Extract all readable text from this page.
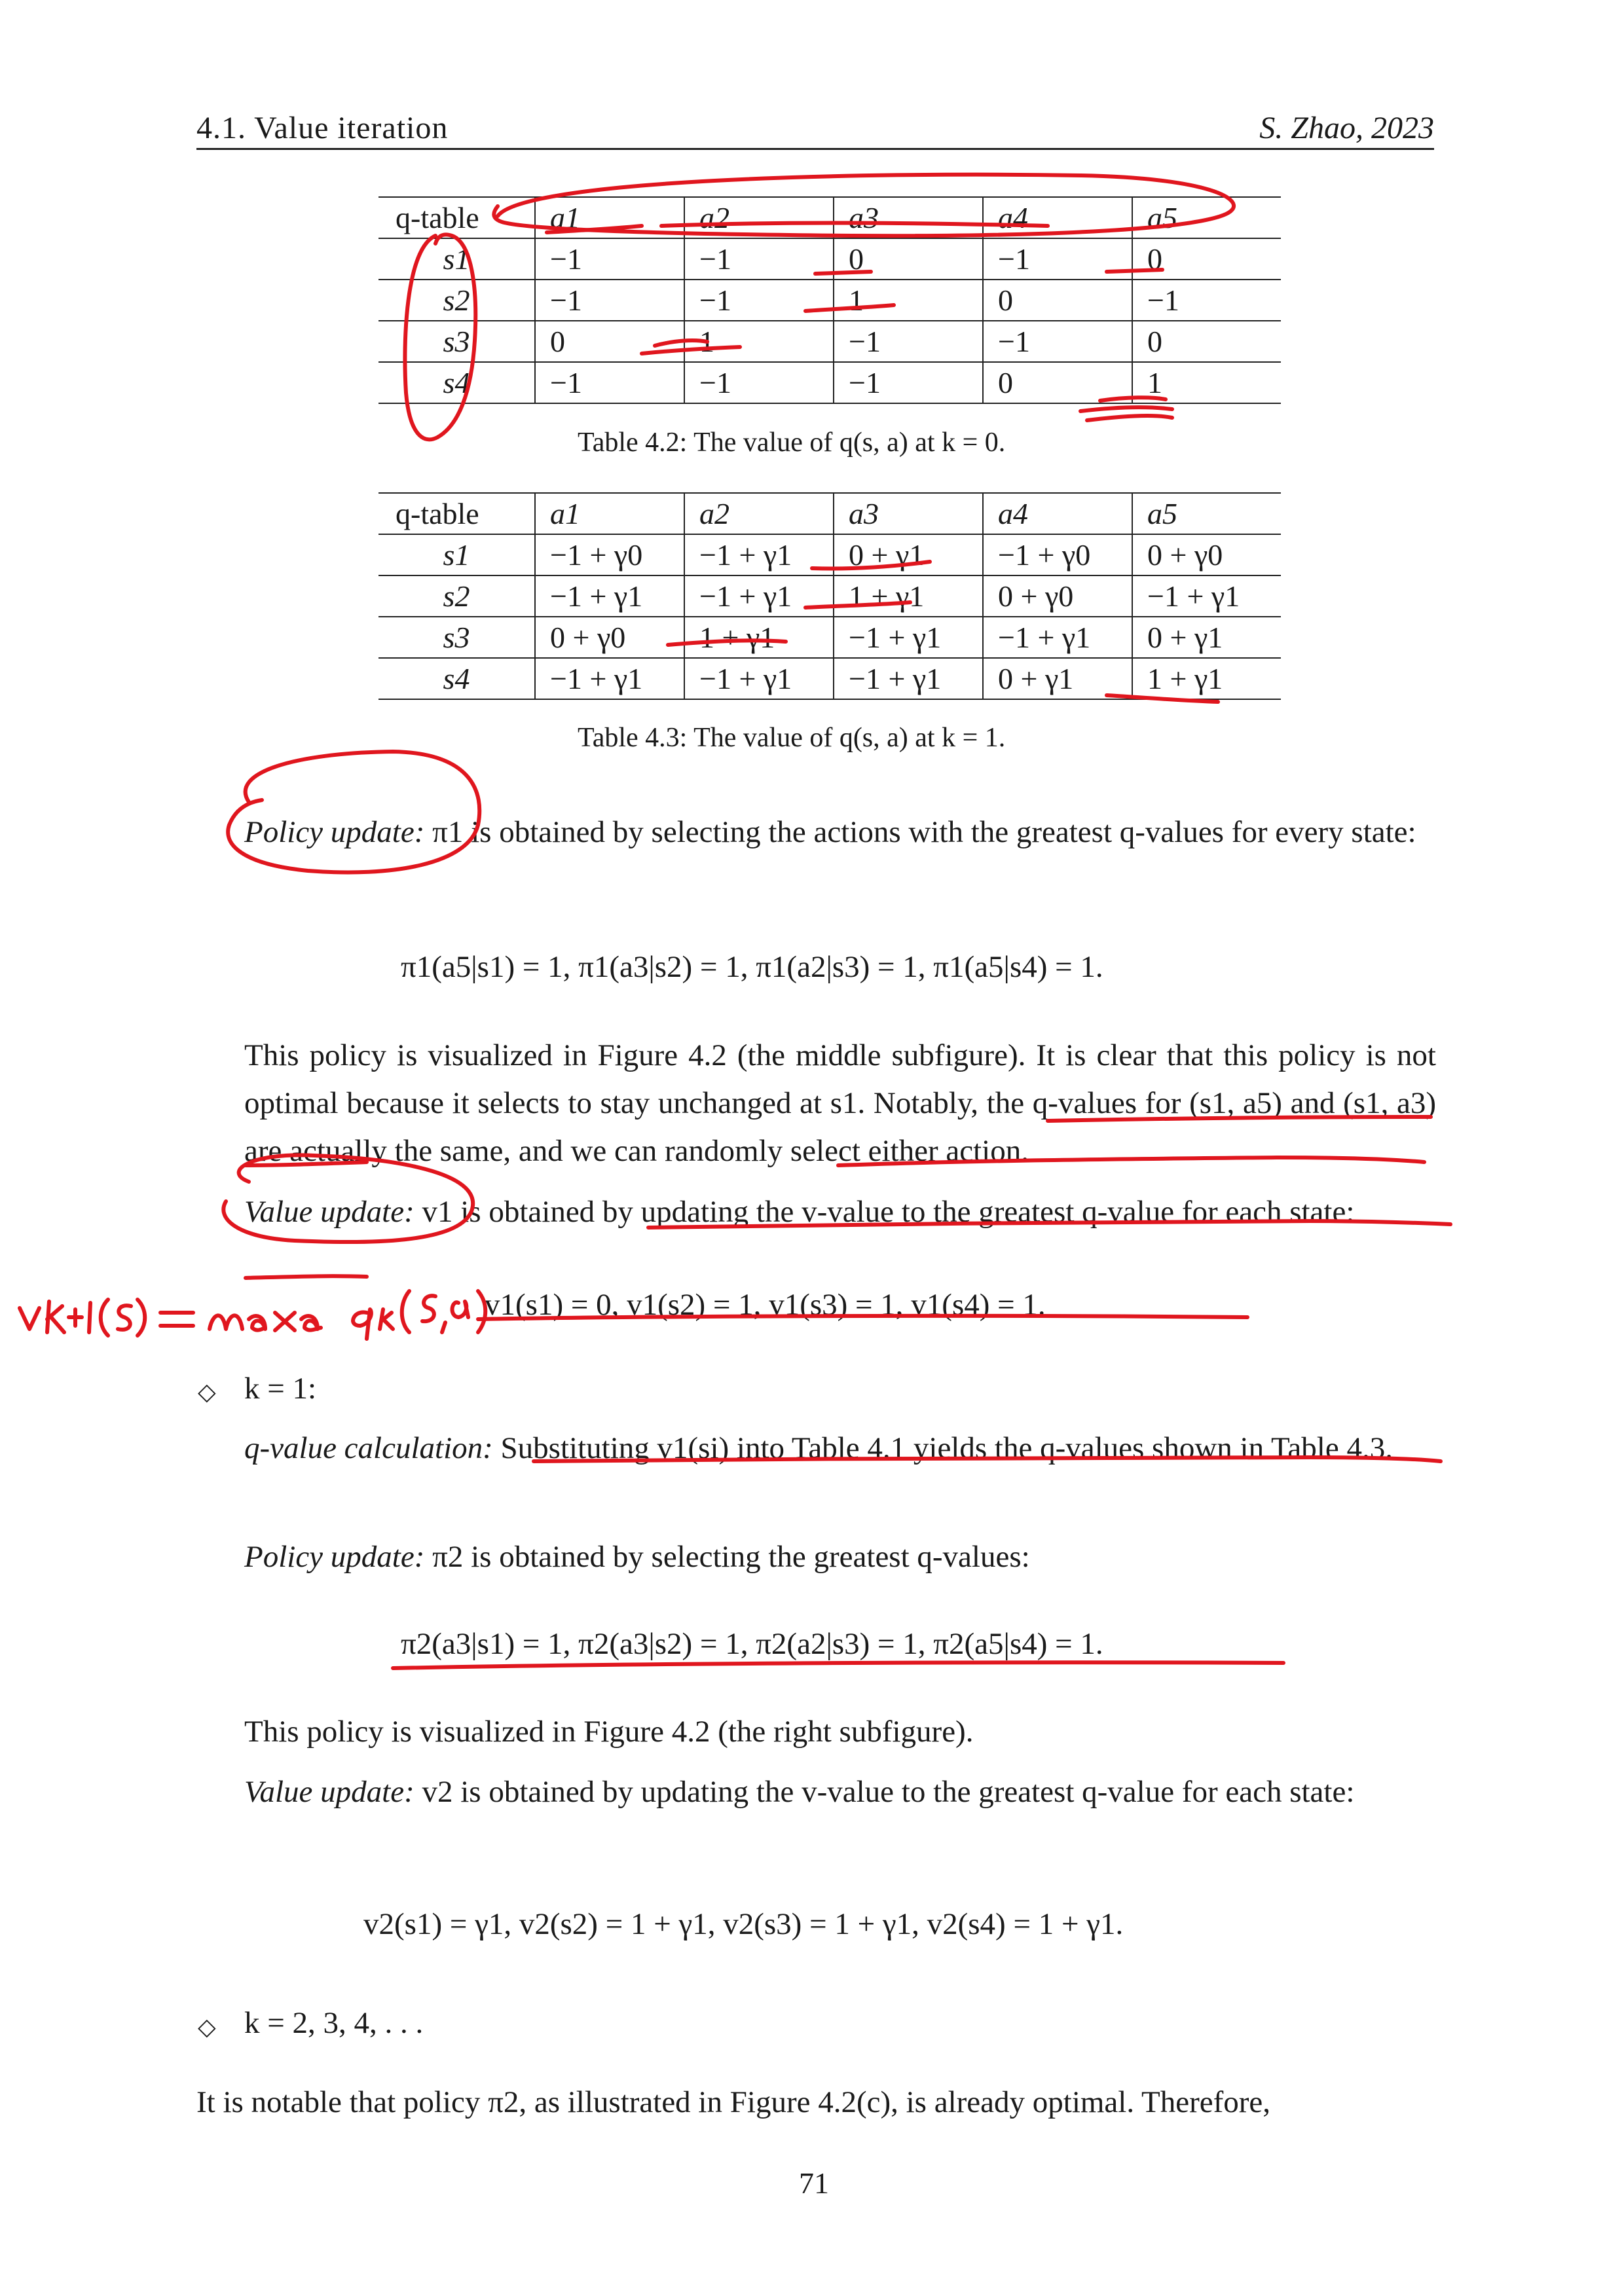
4.1. Value iteration	S. Zhao, 2023
q-table	a1	a2	a3	a4	a5
s1	−1	−1	0	−1	0
s2	−1	−1	1	0	−1
s3	0	1	−1	−1	0
s4	−1	−1	−1	0	1
Table 4.2: The value of q(s, a) at k = 0.
q-table	a1	a2	a3	a4	a5
s1	−1 + γ0	−1 + γ1	0 + γ1	−1 + γ0	0 + γ0
s2	−1 + γ1	−1 + γ1	1 + γ1	0 + γ0	−1 + γ1
s3	0 + γ0	1 + γ1	−1 + γ1	−1 + γ1	0 + γ1
s4	−1 + γ1	−1 + γ1	−1 + γ1	0 + γ1	1 + γ1
Table 4.3: The value of q(s, a) at k = 1.
Policy update: π1 is obtained by selecting the actions with the greatest q-values for every state:
π1(a5|s1) = 1, π1(a3|s2) = 1, π1(a2|s3) = 1, π1(a5|s4) = 1.
This policy is visualized in Figure 4.2 (the middle subfigure). It is clear that this policy is not optimal because it selects to stay unchanged at s1. Notably, the q-values for (s1, a5) and (s1, a3) are actually the same, and we can randomly select either action.
Value update: v1 is obtained by updating the v-value to the greatest q-value for each state:
v1(s1) = 0, v1(s2) = 1, v1(s3) = 1, v1(s4) = 1.
◇ k = 1:
q-value calculation: Substituting v1(si) into Table 4.1 yields the q-values shown in Table 4.3.
Policy update: π2 is obtained by selecting the greatest q-values:
π2(a3|s1) = 1, π2(a3|s2) = 1, π2(a2|s3) = 1, π2(a5|s4) = 1.
This policy is visualized in Figure 4.2 (the right subfigure).
Value update: v2 is obtained by updating the v-value to the greatest q-value for each state:
v2(s1) = γ1, v2(s2) = 1 + γ1, v2(s3) = 1 + γ1, v2(s4) = 1 + γ1.
◇ k = 2, 3, 4, . . .
It is notable that policy π2, as illustrated in Figure 4.2(c), is already optimal. Therefore,
71
